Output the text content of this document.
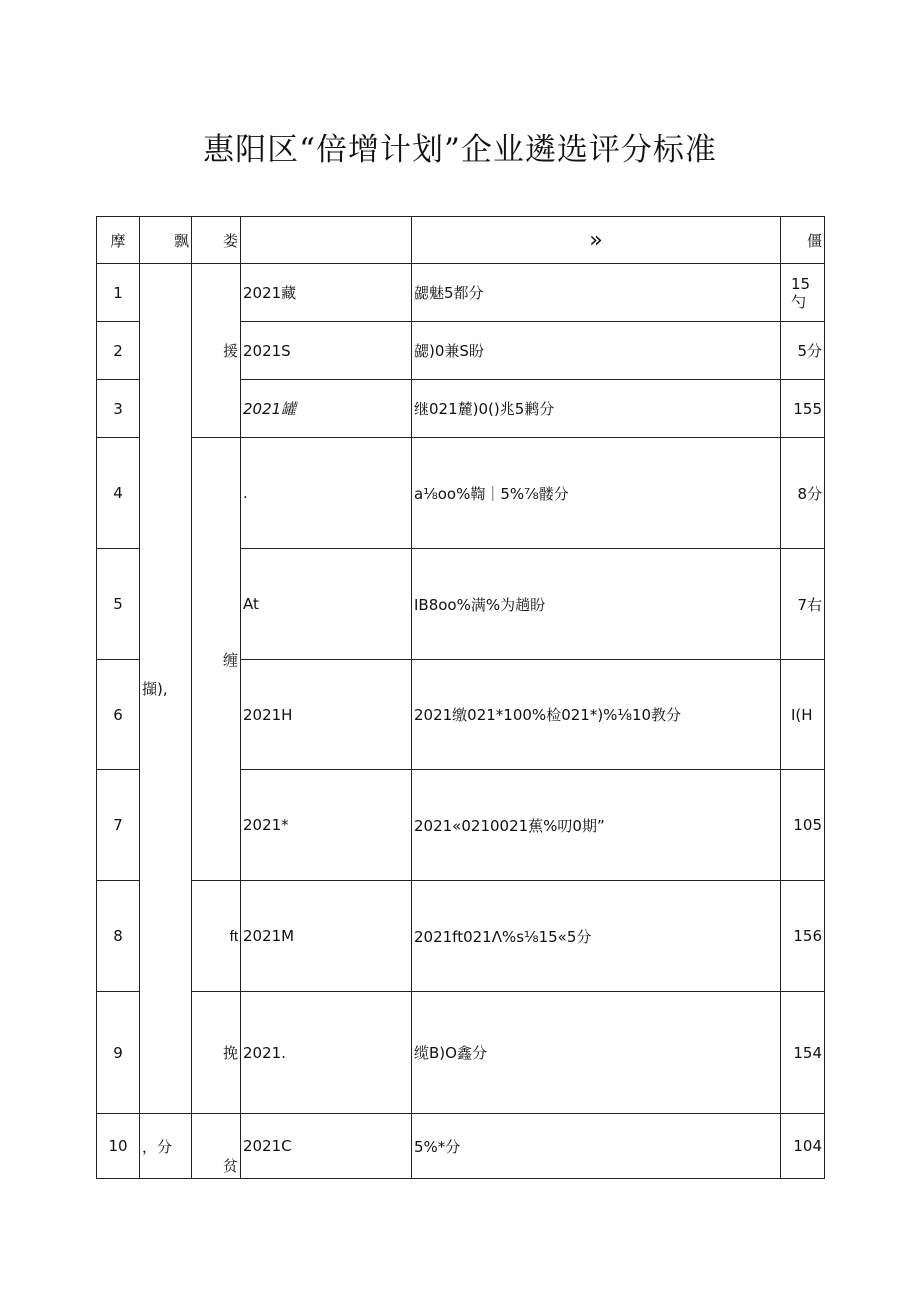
惠阳区“倍增计划”企业遴选评分标准
摩	飘	娄		»	僵
1	擷),	援	2021藏	勰魅5都分	15
勺
2			2021S	勰)0兼S盼	5分
3			2021罐	继021麓)0()兆5鹣分	155
4		缠	.	a⅛oo%鞫｜5%⅞髅分	8分
5			At	IB8oo%满%为趟盼	7右
6			2021H	2021缴021*100%检021*)%⅛10教分	I(H
7			2021*	2021«0210021蕉%叨0期”	105
8		ft	2021M	2021ft021Λ%s⅛15«5分	156
9		挽	2021.	缆B)O鑫分	154
10	，分	贫	2021C	5%*分	104
